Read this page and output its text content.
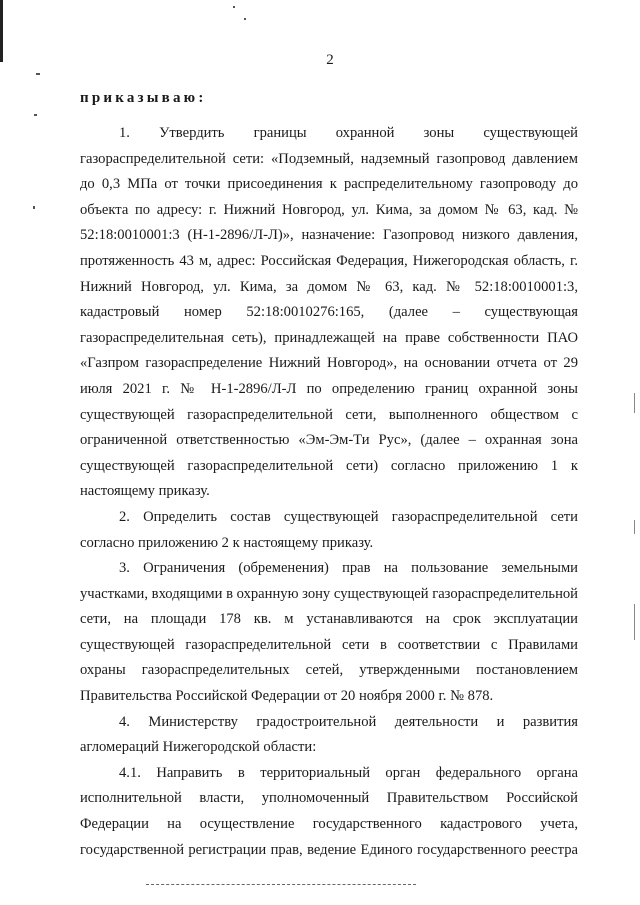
2
приказываю:

1. Утвердить границы охранной зоны существующей газораспределительной сети: «Подземный, надземный газопровод давлением до 0,3 МПа от точки присоединения к распределительному газопроводу до объекта по адресу: г. Нижний Новгород, ул. Кима, за домом № 63, кад. № 52:18:0010001:3 (Н-1-2896/Л-Л)», назначение: Газопровод низкого давления, протяженность 43 м, адрес: Российская Федерация, Нижегородская область, г. Нижний Новгород, ул. Кима, за домом № 63, кад. № 52:18:0010001:3, кадастровый номер 52:18:0010276:165, (далее – существующая газораспределительная сеть), принадлежащей на праве собственности ПАО «Газпром газораспределение Нижний Новгород», на основании отчета от 29 июля 2021 г. № Н-1-2896/Л-Л по определению границ охранной зоны существующей газораспределительной сети, выполненного обществом с ограниченной ответственностью «Эм-Эм-Ти Рус», (далее – охранная зона существующей газораспределительной сети) согласно приложению 1 к настоящему приказу.

2. Определить состав существующей газораспределительной сети согласно приложению 2 к настоящему приказу.

3. Ограничения (обременения) прав на пользование земельными участками, входящими в охранную зону существующей газораспределительной сети, на площади 178 кв. м устанавливаются на срок эксплуатации существующей газораспределительной сети в соответствии с Правилами охраны газораспределительных сетей, утвержденными постановлением Правительства Российской Федерации от 20 ноября 2000 г. № 878.

4. Министерству градостроительной деятельности и развития агломераций Нижегородской области:

4.1. Направить в территориальный орган федерального органа исполнительной власти, уполномоченный Правительством Российской Федерации на осуществление государственного кадастрового учета, государственной регистрации прав, ведение Единого государственного реестра
